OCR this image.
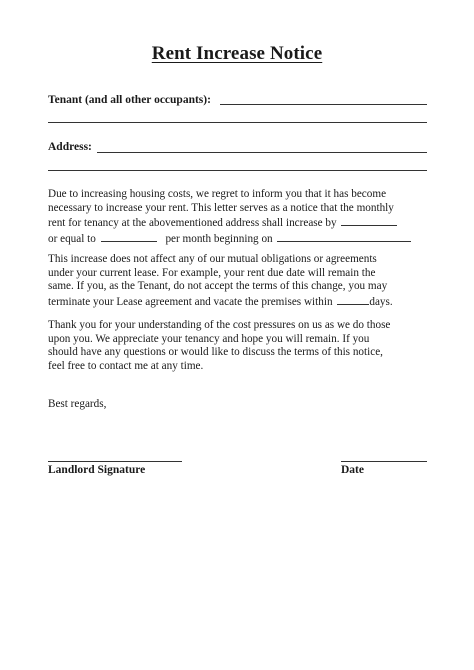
Rent Increase Notice
Tenant (and all other occupants):
Address:
Due to increasing housing costs, we regret to inform you that it has become
necessary to increase your rent. This letter serves as a notice that the monthly
rent for tenancy at the abovementioned address shall increase by
or equal to	per month beginning on
This increase does not affect any of our mutual obligations or agreements
under your current lease. For example, your rent due date will remain the
same. If you, as the Tenant, do not accept the terms of this change, you may
terminate your Lease agreement and vacate the premises within	days.
Thank you for your understanding of the cost pressures on us as we do those
upon you. We appreciate your tenancy and hope you will remain. If you
should have any questions or would like to discuss the terms of this notice,
feel free to contact me at any time.
Best regards,
Landlord Signature	Date
